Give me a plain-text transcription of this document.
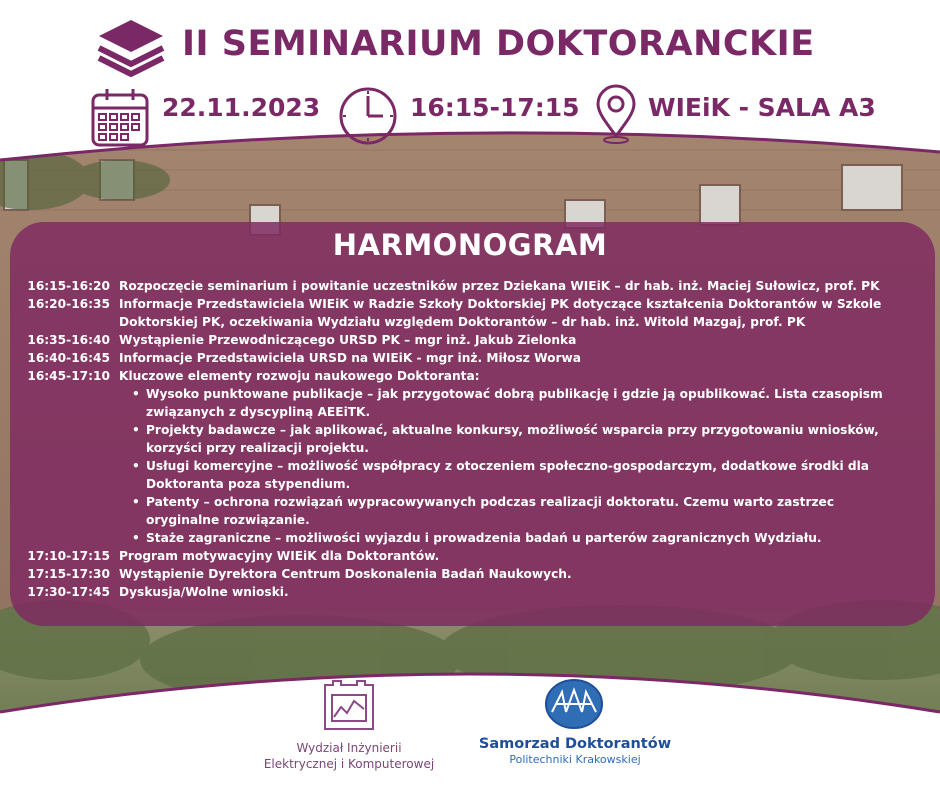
II SEMINARIUM DOKTORANCKIE
22.11.2023	16:15-17:15	WIEiK - SALA A3
HARMONOGRAM
16:15-16:20 Rozpoczęcie seminarium i powitanie uczestników przez Dziekana WIEiK – dr hab. inż. Maciej Sułowicz, prof. PK
16:20-16:35 Informacje Przedstawiciela WIEiK w Radzie Szkoły Doktorskiej PK dotyczące kształcenia Doktorantów w Szkole Doktorskiej PK, oczekiwania Wydziału względem Doktorantów – dr hab. inż. Witold Mazgaj, prof. PK
16:35-16:40 Wystąpienie Przewodniczącego URSD PK – mgr inż. Jakub Zielonka
16:40-16:45 Informacje Przedstawiciela URSD na WIEiK - mgr inż. Miłosz Worwa
16:45-17:10 Kluczowe elementy rozwoju naukowego Doktoranta:
• Wysoko punktowane publikacje – jak przygotować dobrą publikację i gdzie ją opublikować. Lista czasopism związanych z dyscypliną AEEiTK.
• Projekty badawcze – jak aplikować, aktualne konkursy, możliwość wsparcia przy przygotowaniu wniosków, korzyści przy realizacji projektu.
• Usługi komercyjne – możliwość współpracy z otoczeniem społeczno-gospodarczym, dodatkowe środki dla Doktoranta poza stypendium.
• Patenty – ochrona rozwiązań wypracowywanych podczas realizacji doktoratu. Czemu warto zastrzec oryginalne rozwiązanie.
• Staże zagraniczne – możliwości wyjazdu i prowadzenia badań u parterów zagranicznych Wydziału.
17:10-17:15 Program motywacyjny WIEiK dla Doktorantów.
17:15-17:30 Wystąpienie Dyrektora Centrum Doskonalenia Badań Naukowych.
17:30-17:45 Dyskusja/Wolne wnioski.
Wydział Inżynierii
Elektrycznej i Komputerowej
Samorzad Doktorantów
Politechniki Krakowskiej
